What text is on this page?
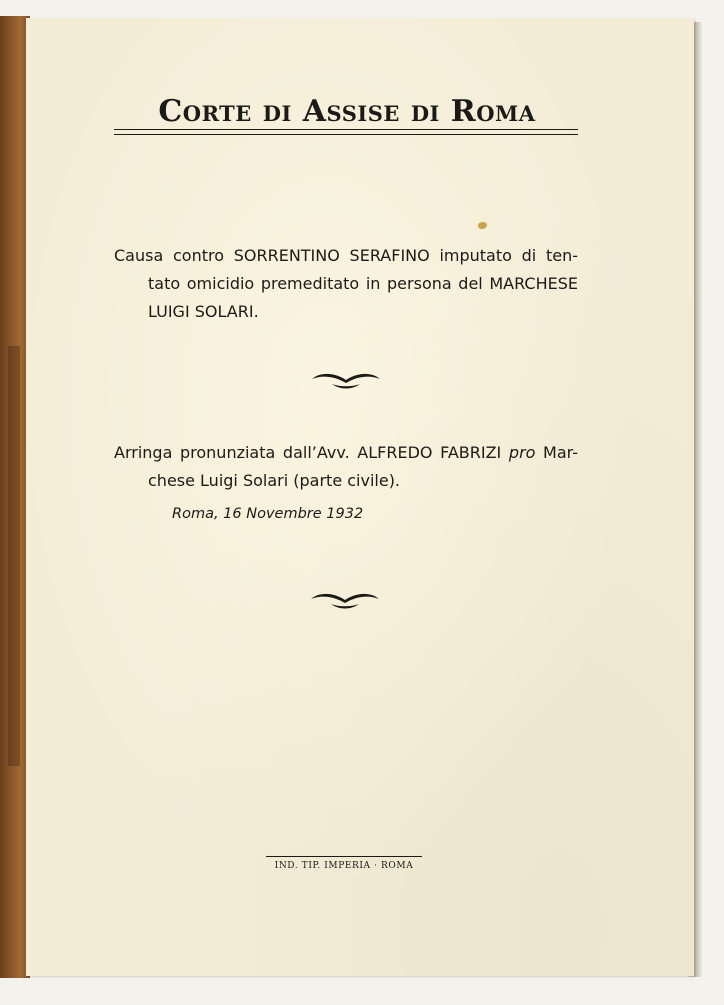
Corte di Assise di Roma
Causa contro SORRENTINO SERAFINO imputato di ten-
tato omicidio premeditato in persona del MARCHESE
LUIGI SOLARI.
Arringa pronunziata dall’Avv. ALFREDO FABRIZI pro Mar-
chese Luigi Solari (parte civile).
Roma, 16 Novembre 1932
IND. TIP. IMPERIA · ROMA
